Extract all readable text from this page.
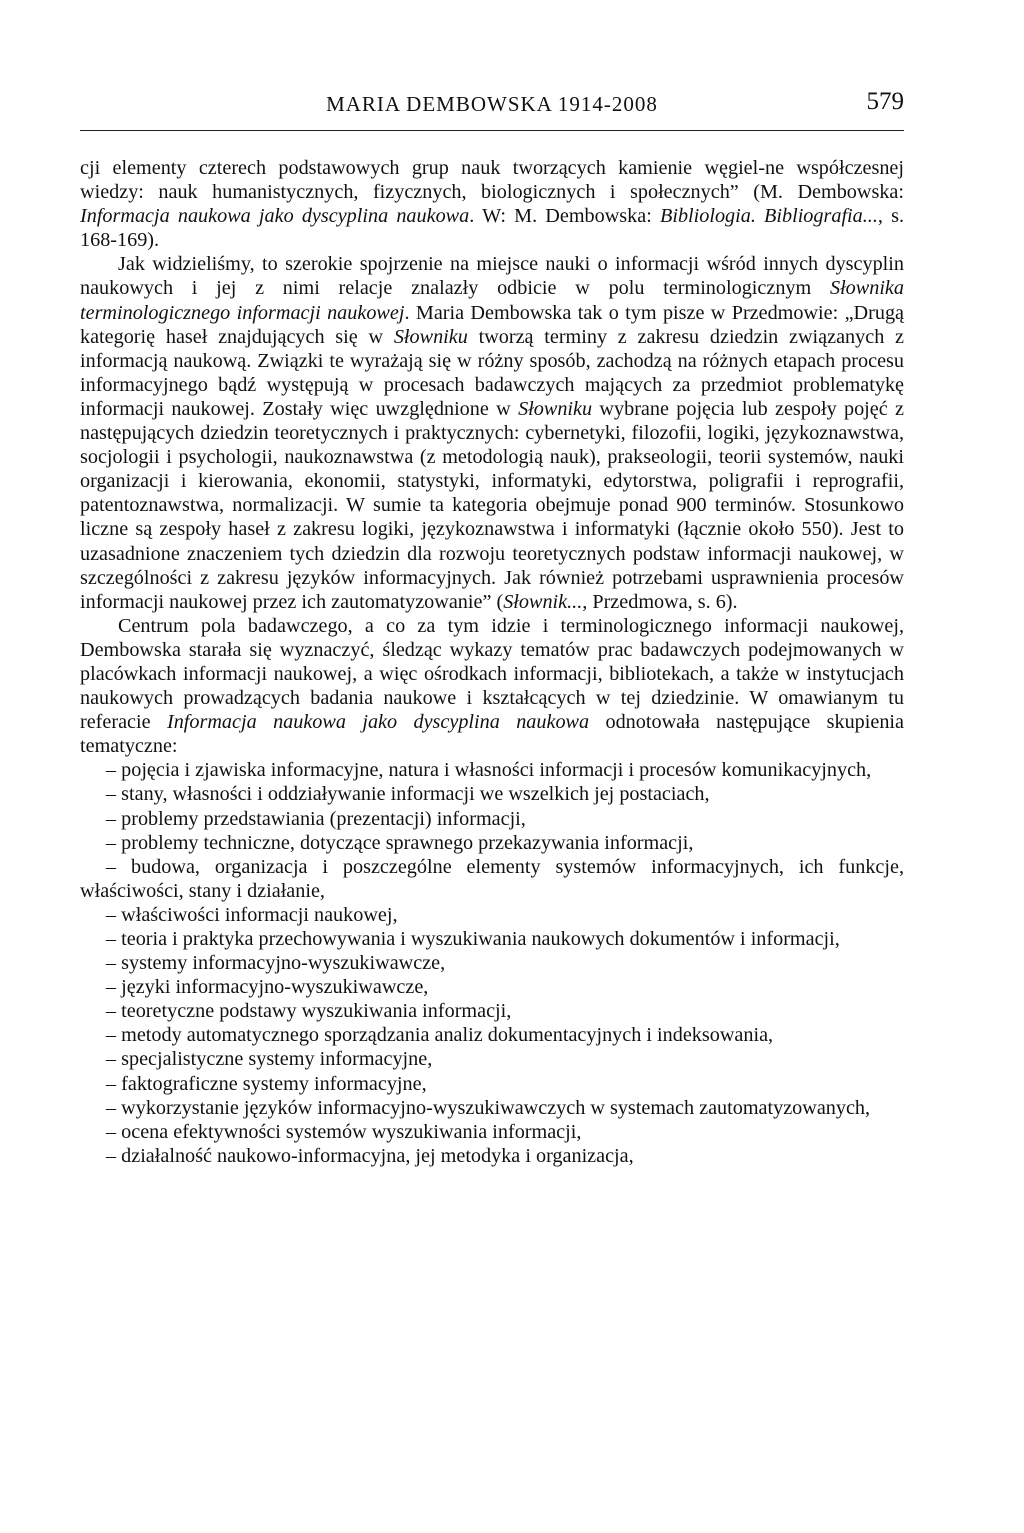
MARIA DEMBOWSKA 1914-2008	579

cji elementy czterech podstawowych grup nauk tworzących kamienie węgiel-ne współczesnej wiedzy: nauk humanistycznych, fizycznych, biologicznych i społecznych” (M. Dembowska: Informacja naukowa jako dyscyplina naukowa. W: M. Dembowska: Bibliologia. Bibliografia..., s. 168-169).

Jak widzieliśmy, to szerokie spojrzenie na miejsce nauki o informacji wśród innych dyscyplin naukowych i jej z nimi relacje znalazły odbicie w polu terminologicznym Słownika terminologicznego informacji naukowej. Maria Dembowska tak o tym pisze w Przedmowie: „Drugą kategorię haseł znajdujących się w Słowniku tworzą terminy z zakresu dziedzin związanych z informacją naukową. Związki te wyrażają się w różny sposób, zachodzą na różnych etapach procesu informacyjnego bądź występują w procesach badawczych mających za przedmiot problematykę informacji naukowej. Zostały więc uwzględnione w Słowniku wybrane pojęcia lub zespoły pojęć z następujących dziedzin teoretycznych i praktycznych: cybernetyki, filozofii, logiki, językoznawstwa, socjologii i psychologii, naukoznawstwa (z metodologią nauk), prakseologii, teorii systemów, nauki organizacji i kierowania, ekonomii, statystyki, informatyki, edytorstwa, poligrafii i reprografii, patentoznawstwa, normalizacji. W sumie ta kategoria obejmuje ponad 900 terminów. Stosunkowo liczne są zespoły haseł z zakresu logiki, językoznawstwa i informatyki (łącznie około 550). Jest to uzasadnione znaczeniem tych dziedzin dla rozwoju teoretycznych podstaw informacji naukowej, w szczególności z zakresu języków informacyjnych. Jak również potrzebami usprawnienia procesów informacji naukowej przez ich zautomatyzowanie” (Słownik..., Przedmowa, s. 6).

Centrum pola badawczego, a co za tym idzie i terminologicznego informacji naukowej, Dembowska starała się wyznaczyć, śledząc wykazy tematów prac badawczych podejmowanych w placówkach informacji naukowej, a więc ośrodkach informacji, bibliotekach, a także w instytucjach naukowych prowadzących badania naukowe i kształcących w tej dziedzinie. W omawianym tu referacie Informacja naukowa jako dyscyplina naukowa odnotowała następujące skupienia tematyczne:

– pojęcia i zjawiska informacyjne, natura i własności informacji i procesów komunikacyjnych,

– stany, własności i oddziaływanie informacji we wszelkich jej postaciach,

– problemy przedstawiania (prezentacji) informacji,

– problemy techniczne, dotyczące sprawnego przekazywania informacji,

– budowa, organizacja i poszczególne elementy systemów informacyjnych, ich funkcje, właściwości, stany i działanie,

– właściwości informacji naukowej,

– teoria i praktyka przechowywania i wyszukiwania naukowych dokumentów i informacji,

– systemy informacyjno-wyszukiwawcze,

– języki informacyjno-wyszukiwawcze,

– teoretyczne podstawy wyszukiwania informacji,

– metody automatycznego sporządzania analiz dokumentacyjnych i indeksowania,

– specjalistyczne systemy informacyjne,

– faktograficzne systemy informacyjne,

– wykorzystanie języków informacyjno-wyszukiwawczych w systemach zautomatyzowanych,

– ocena efektywności systemów wyszukiwania informacji,

– działalność naukowo-informacyjna, jej metodyka i organizacja,
